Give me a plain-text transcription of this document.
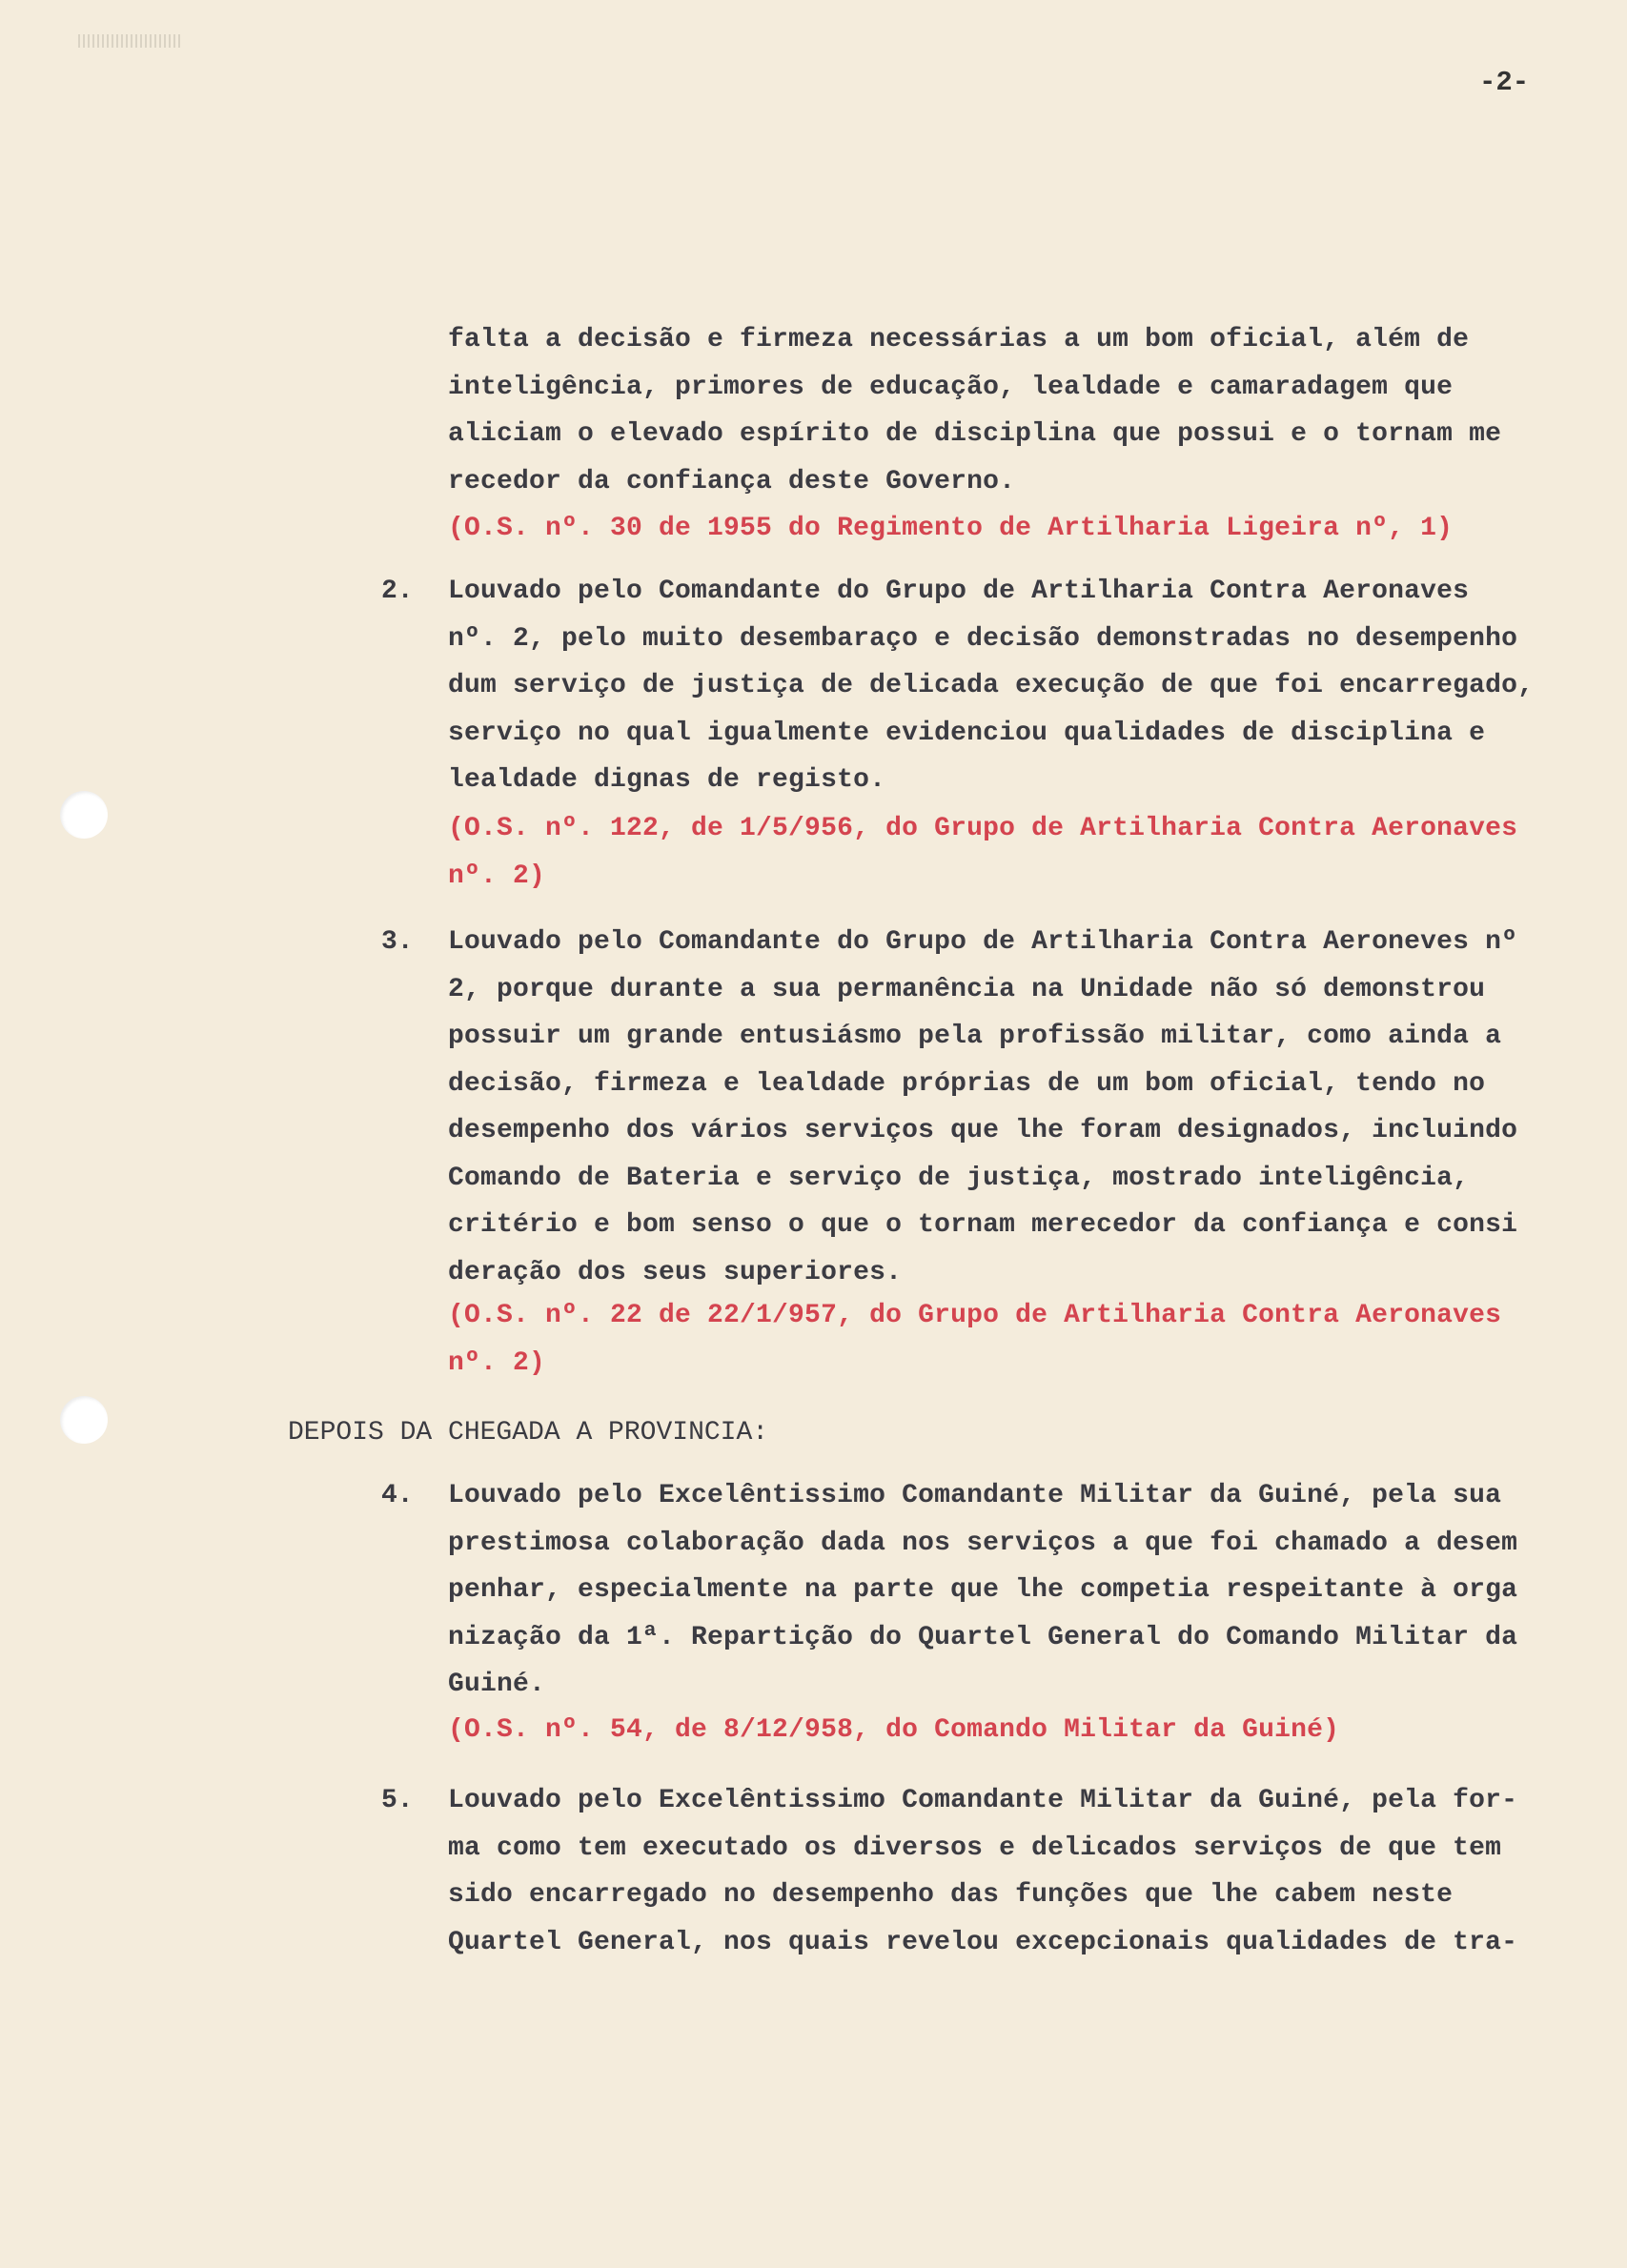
-2-
falta a decisão e firmeza necessárias a um bom oficial, além de
inteligência, primores de educação, lealdade e camaradagem que
aliciam o elevado espírito de disciplina que possui e o tornam me
recedor da confiança deste Governo.
(O.S. nº. 30 de 1955 do Regimento de Artilharia Ligeira nº, 1)
2. Louvado pelo Comandante do Grupo de Artilharia Contra Aeronaves
nº. 2, pelo muito desembaraço e decisão demonstradas no desempenho
dum serviço de justiça de delicada execução de que foi encarregado,
serviço no qual igualmente evidenciou qualidades de disciplina e
lealdade dignas de registo.
(O.S. nº. 122, de 1/5/956, do Grupo de Artilharia Contra Aeronaves
nº. 2)
3. Louvado pelo Comandante do Grupo de Artilharia Contra Aeroneves nº
2, porque durante a sua permanência na Unidade não só demonstrou
possuir um grande entusiásmo pela profissão militar, como ainda a
decisão, firmeza e lealdade próprias de um bom oficial, tendo no
desempenho dos vários serviços que lhe foram designados, incluindo
Comando de Bateria e serviço de justiça, mostrado inteligência,
critério e bom senso o que o tornam merecedor da confiança e consi
deração dos seus superiores.
(O.S. nº. 22 de 22/1/957, do Grupo de Artilharia Contra Aeronaves
nº. 2)
4. Louvado pelo Excelêntissimo Comandante Militar da Guiné, pela sua
prestimosa colaboração dada nos serviços a que foi chamado a desem
penhar, especialmente na parte que lhe competia respeitante à orga
nização da 1ª. Repartição do Quartel General do Comando Militar da
Guiné.
(O.S. nº. 54, de 8/12/958, do Comando Militar da Guiné)
5. Louvado pelo Excelêntissimo Comandante Militar da Guiné, pela for-
ma como tem executado os diversos e delicados serviços de que tem
sido encarregado no desempenho das funções que lhe cabem neste
Quartel General, nos quais revelou excepcionais qualidades de tra-
DEPOIS DA CHEGADA A PROVINCIA:
